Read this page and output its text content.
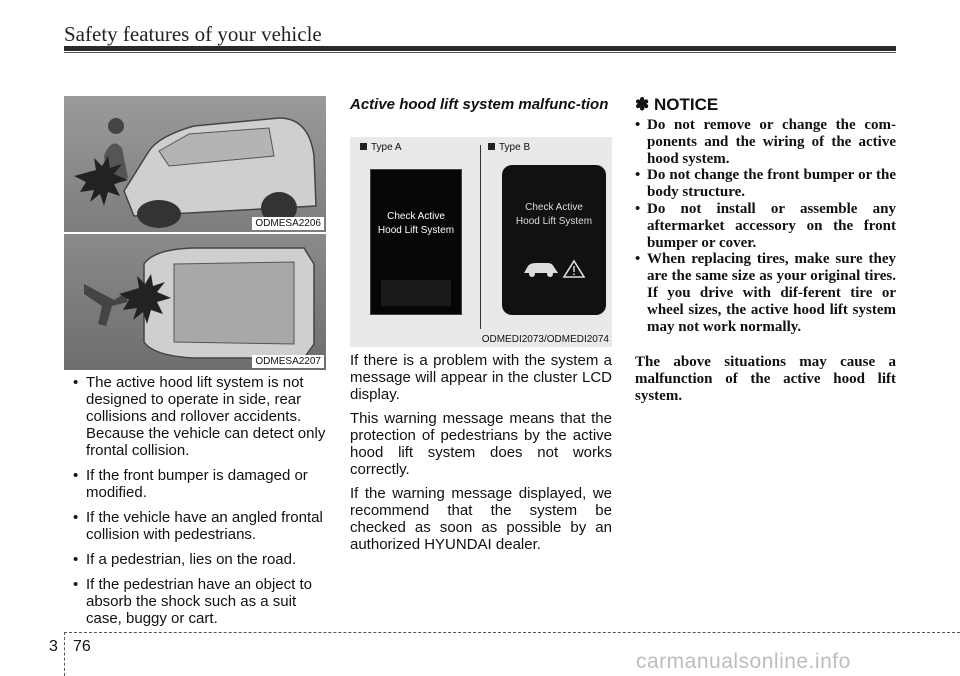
Safety features of your vehicle
ODMESA2206
ODMESA2207
• The active hood lift system is not designed to operate in side, rear collisions and rollover accidents. Because the vehicle can detect only frontal collision.
• If the front bumper is damaged or modified.
• If the vehicle have an angled frontal collision with pedestrians.
• If a pedestrian, lies on the road.
• If the pedestrian have an object to absorb the shock such as a suit case, buggy or cart.
Active hood lift system malfunc-tion
Type A	Type B
Check Active
Hood Lift System
Check Active
Hood Lift System
ODMEDI2073/ODMEDI2074

If there is a problem with the system a message will appear in the cluster LCD display.

This warning message means that the protection of pedestrians by the active hood lift system does not works correctly.

If the warning message displayed, we recommend that the system be checked as soon as possible by an authorized HYUNDAI dealer.

✽ NOTICE
• Do not remove or change the com-ponents and the wiring of the active hood system.
• Do not change the front bumper or the body structure.
• Do not install or assemble any aftermarket accessory on the front bumper or cover.
• When replacing tires, make sure they are the same size as your original tires. If you drive with dif-ferent tire or wheel sizes, the active hood lift system may not work normally.
The above situations may cause a malfunction of the active hood lift system.
3 76
carmanualsonline.info
